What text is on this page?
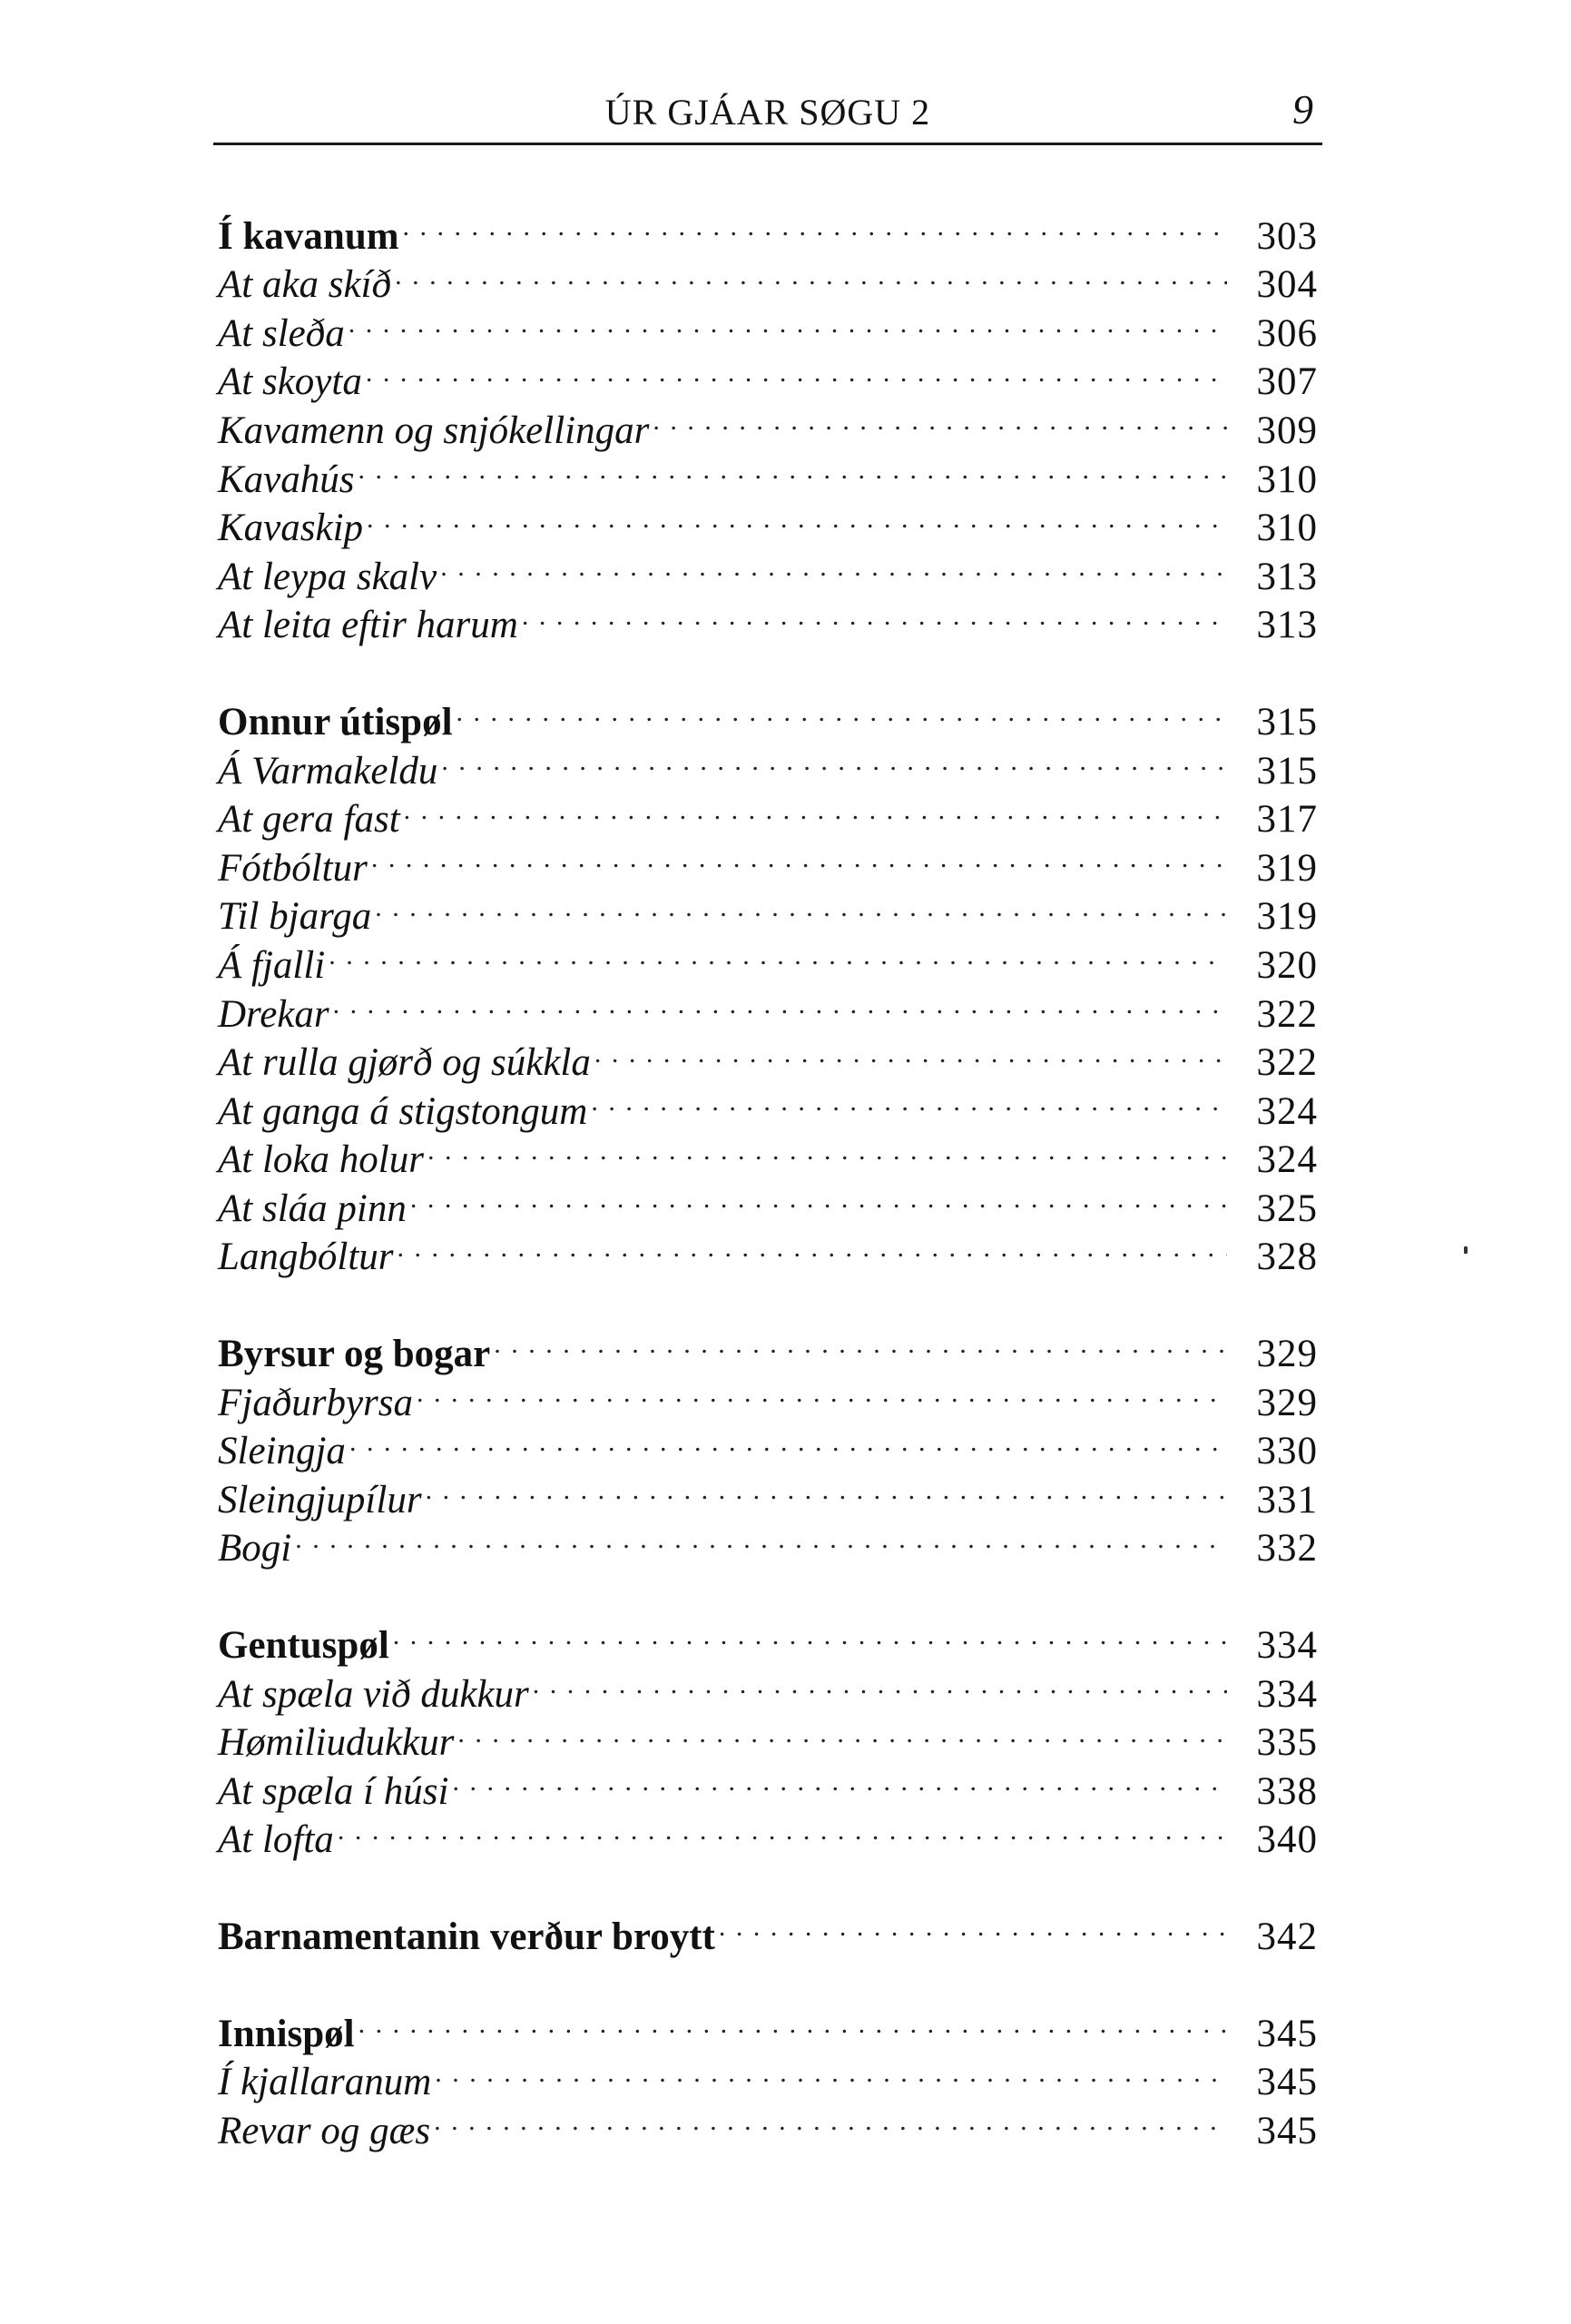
ÚR GJÁAR SØGU 2	9
Í kavanum . . .	303
At aka skíð . . .	304
At sleða . . .	306
At skoyta . . .	307
Kavamenn og snjókellingar . . .	309
Kavahús . . .	310
Kavaskip . . .	310
At leypa skalv . . .	313
At leita eftir harum . . .	313
Onnur útispøl . . .	315
Á Varmakeldu . . .	315
At gera fast . . .	317
Fótbóltur . . .	319
Til bjarga . . .	319
Á fjalli . . .	320
Drekar . . .	322
At rulla gjørð og súkkla . . .	322
At ganga á stigstongum . . .	324
At loka holur . . .	324
At sláa pinn . . .	325
Langbóltur . . .	328
Byrsur og bogar . . .	329
Fjaðurbyrsa . . .	329
Sleingja . . .	330
Sleingjupílur . . .	331
Bogi . . .	332
Gentuspøl . . .	334
At spæla við dukkur . . .	334
Hømiliudukkur . . .	335
At spæla í húsi . . .	338
At lofta . . .	340
Barnamentanin verður broytt . . .	342
Innispøl . . .	345
Í kjallaranum . . .	345
Revar og gæs . . .	345
